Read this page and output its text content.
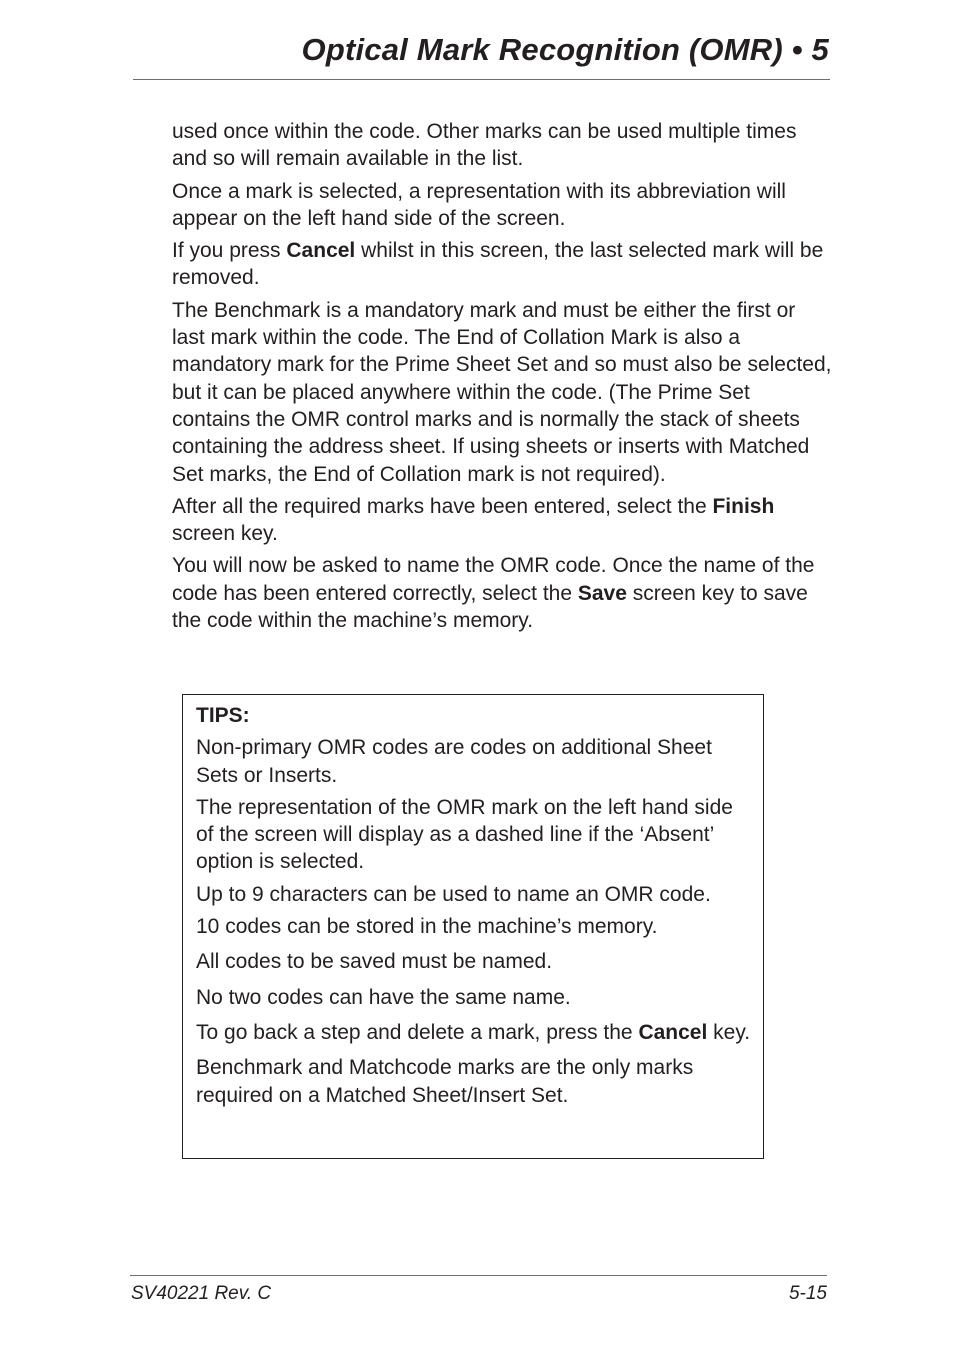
Optical Mark Recognition (OMR) • 5

used once within the code. Other marks can be used multiple times and so will remain available in the list.

Once a mark is selected, a representation with its abbreviation will appear on the left hand side of the screen.

If you press Cancel whilst in this screen, the last selected mark will be removed.

The Benchmark is a mandatory mark and must be either the first or last mark within the code. The End of Collation Mark is also a mandatory mark for the Prime Sheet Set and so must also be selected, but it can be placed anywhere within the code. (The Prime Set contains the OMR control marks and is normally the stack of sheets containing the address sheet. If using sheets or inserts with Matched Set marks, the End of Collation mark is not required).

After all the required marks have been entered, select the Finish screen key.

You will now be asked to name the OMR code. Once the name of the code has been entered correctly, select the Save screen key to save the code within the machine’s memory.

TIPS:

Non-primary OMR codes are codes on additional Sheet Sets or Inserts.

The representation of the OMR mark on the left hand side of the screen will display as a dashed line if the ‘Absent’ option is selected.

Up to 9 characters can be used to name an OMR code.

10 codes can be stored in the machine’s memory.

All codes to be saved must be named.

No two codes can have the same name.

To go back a step and delete a mark, press the Cancel key.

Benchmark and Matchcode marks are the only marks required on a Matched Sheet/Insert Set.

SV40221 Rev. C	5-15
